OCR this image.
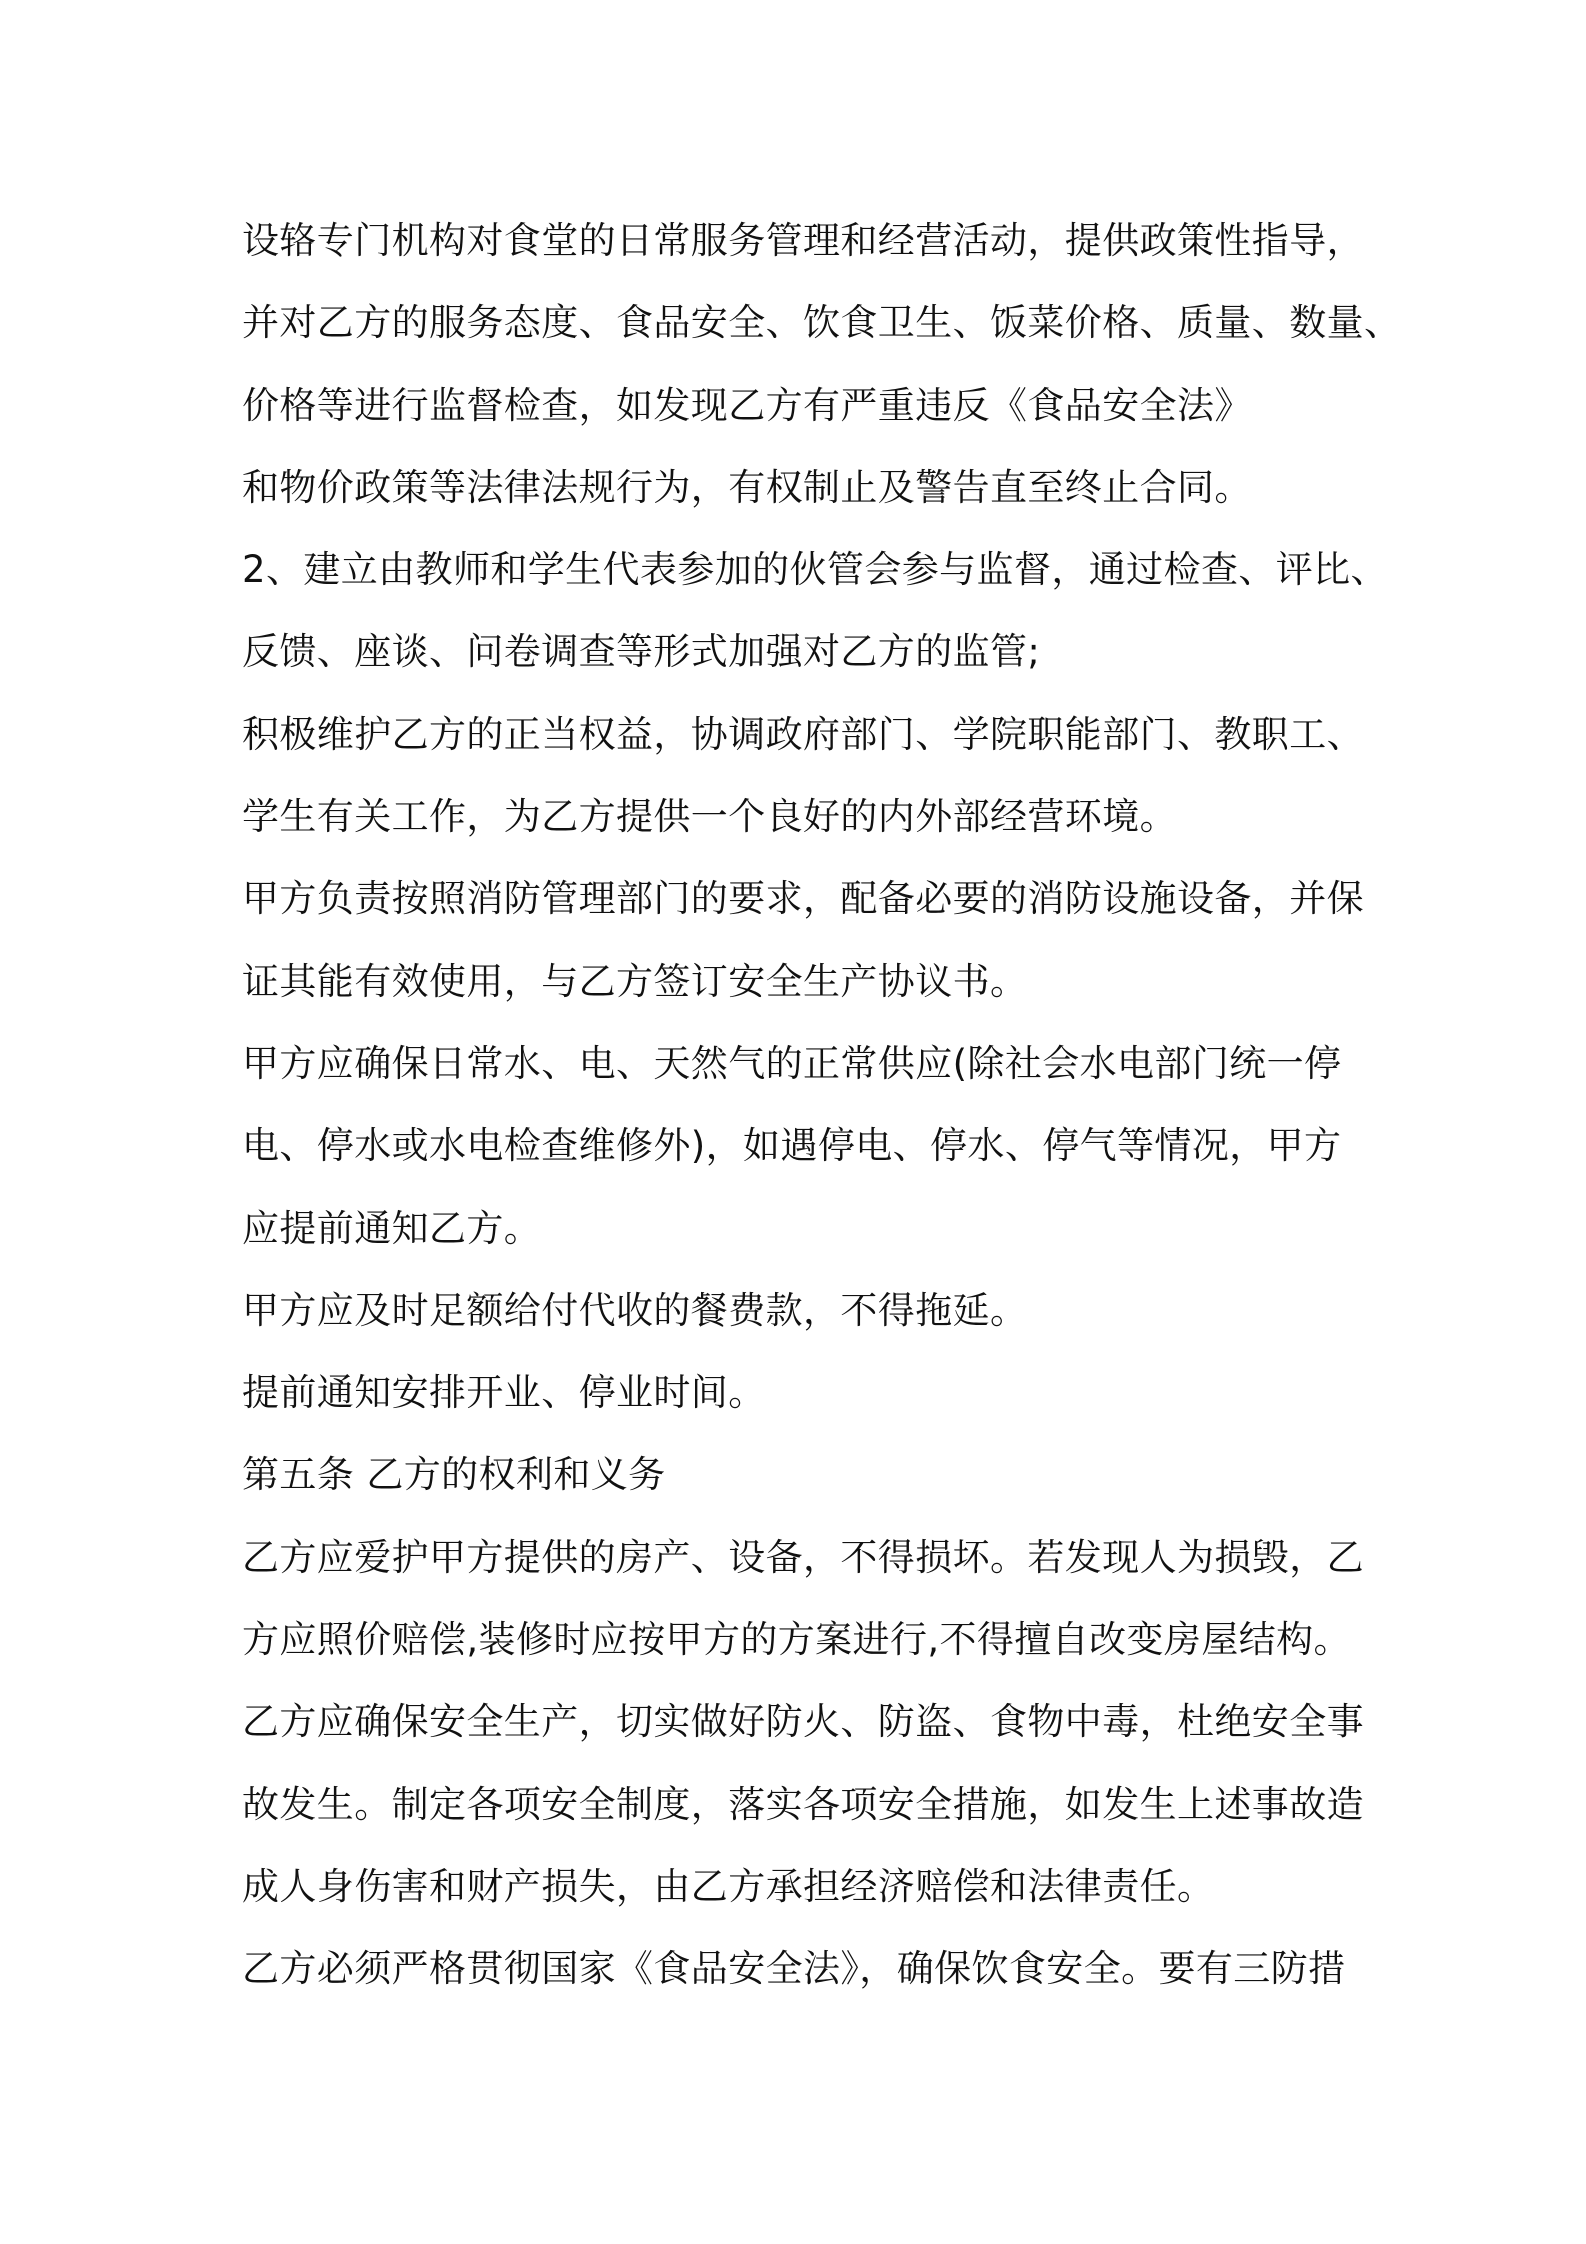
设辂专门机构对食堂的日常服务管理和经营活动，提供政策性指导，
并对乙方的服务态度、食品安全、饮食卫生、饭菜价格、质量、数量、
价格等进行监督检查，如发现乙方有严重违反《食品安全法》
和物价政策等法律法规行为，有权制止及警告直至终止合同。
2、建立由教师和学生代表参加的伙管会参与监督，通过检查、评比、
反馈、座谈、问卷调查等形式加强对乙方的监管;
积极维护乙方的正当权益，协调政府部门、学院职能部门、教职工、
学生有关工作，为乙方提供一个良好的内外部经营环境。
甲方负责按照消防管理部门的要求，配备必要的消防设施设备，并保
证其能有效使用，与乙方签订安全生产协议书。
甲方应确保日常水、电、天然气的正常供应(除社会水电部门统一停
电、停水或水电检查维修外)，如遇停电、停水、停气等情况，甲方
应提前通知乙方。
甲方应及时足额给付代收的餐费款，不得拖延。
提前通知安排开业、停业时间。
第五条 乙方的权利和义务
乙方应爱护甲方提供的房产、设备，不得损坏。若发现人为损毁，乙
方应照价赔偿,装修时应按甲方的方案进行,不得擅自改变房屋结构。
乙方应确保安全生产，切实做好防火、防盗、食物中毒，杜绝安全事
故发生。制定各项安全制度，落实各项安全措施，如发生上述事故造
成人身伤害和财产损失，由乙方承担经济赔偿和法律责任。
乙方必须严格贯彻国家《食品安全法》，确保饮食安全。要有三防措
